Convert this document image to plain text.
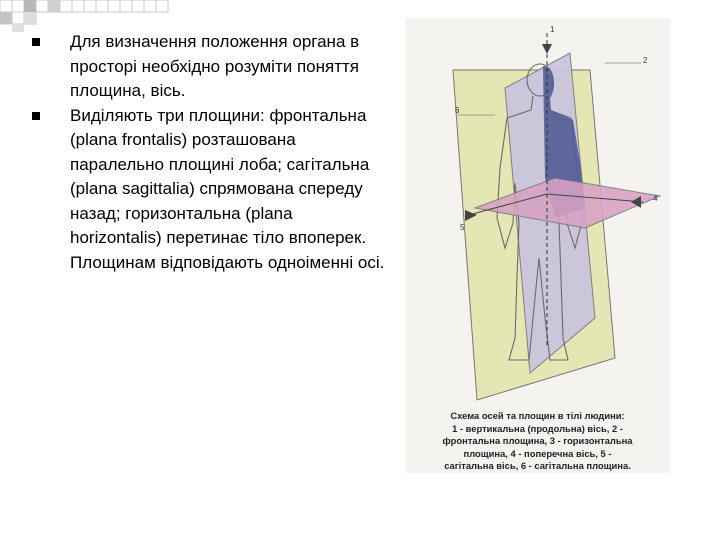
Для визначення положення органа в просторі необхідно розуміти поняття площина, вісь.
Виділяють три площини: фронтальна (plana frontalis) розташована паралельно площині лоба; сагітальна (plana sagittalia) спрямована спереду назад; горизонтальна (plana horizontalis) перетинає тіло впоперек. Площинам відповідають одноіменні осі.
1
2
6
5
4
Схема осей та площин в тілі людини:
1 - вертикальна (продольна) вісь, 2 -
фронтальна площина, 3 - горизонтальна
площина, 4 - поперечна вісь, 5 -
сагітальна вісь, 6 - сагітальна площина.
